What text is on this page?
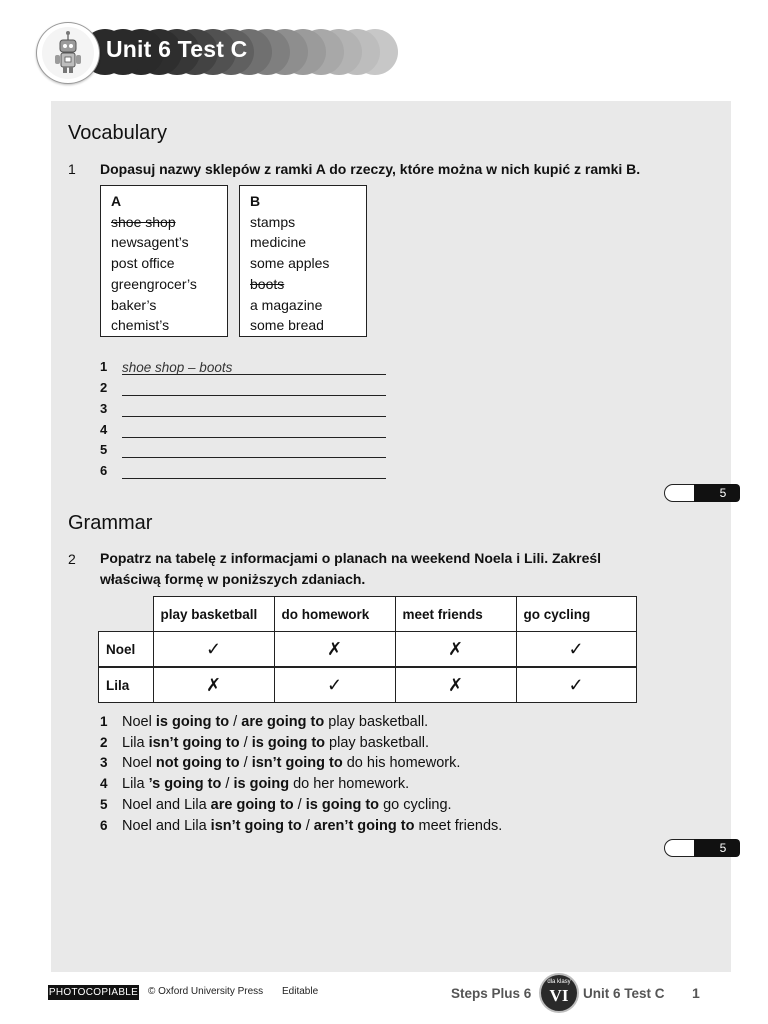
Unit 6 Test C
Vocabulary
1 Dopasuj nazwy sklepów z ramki A do rzeczy, które można w nich kupić z ramki B.
A
shoe shop
newsagent’s
post office
greengrocer’s
baker’s
chemist’s
B
stamps
medicine
some apples
boots
a magazine
some bread
1 shoe shop – boots
2
3
4
5
6
5
Grammar
2 Popatrz na tabelę z informacjami o planach na weekend Noela i Lili. Zakreśl
właściwą formę w poniższych zdaniach.
	play basketball	do homework	meet friends	go cycling
Noel	✓	✗	✗	✓
Lila	✗	✓	✗	✓
1 Noel is going to / are going to play basketball.
2 Lila isn’t going to / is going to play basketball.
3 Noel not going to / isn’t going to do his homework.
4 Lila ’s going to / is going do her homework.
5 Noel and Lila are going to / is going to go cycling.
6 Noel and Lila isn’t going to / aren’t going to meet friends.
5
PHOTOCOPIABLE © Oxford University Press Editable	Steps Plus 6
dla klasy
VI	Unit 6 Test C 1
